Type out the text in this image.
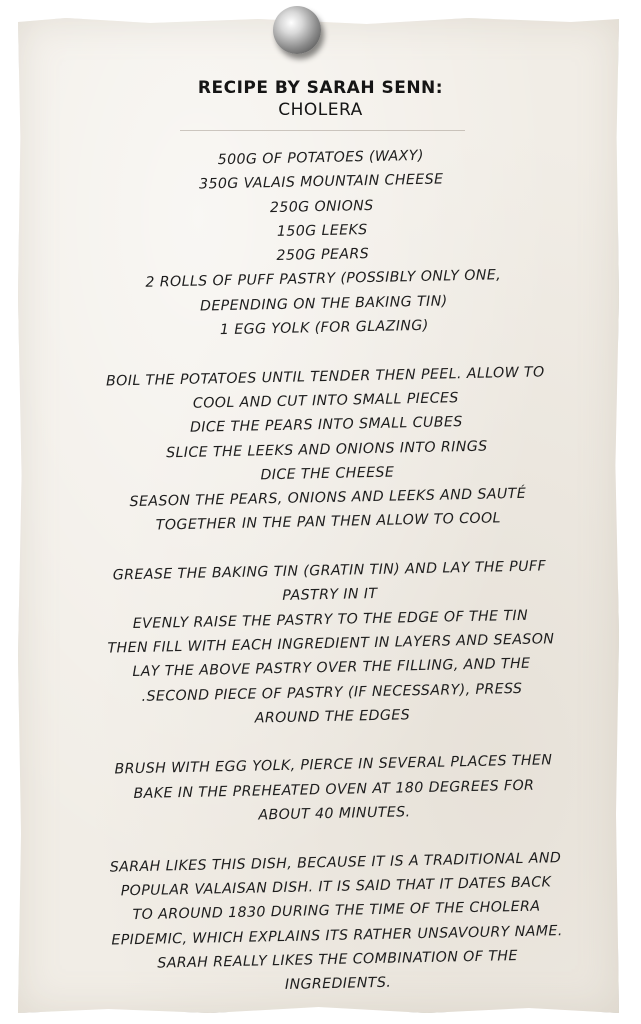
RECIPE BY SARAH SENN:
CHOLERA
500G OF POTATOES (WAXY)
350G VALAIS MOUNTAIN CHEESE
250G ONIONS
150G LEEKS
250G PEARS
2 ROLLS OF PUFF PASTRY (POSSIBLY ONLY ONE,
DEPENDING ON THE BAKING TIN)
1 EGG YOLK (FOR GLAZING)
BOIL THE POTATOES UNTIL TENDER THEN PEEL. ALLOW TO
COOL AND CUT INTO SMALL PIECES
DICE THE PEARS INTO SMALL CUBES
SLICE THE LEEKS AND ONIONS INTO RINGS
DICE THE CHEESE
SEASON THE PEARS, ONIONS AND LEEKS AND SAUTÉ
TOGETHER IN THE PAN THEN ALLOW TO COOL
GREASE THE BAKING TIN (GRATIN TIN) AND LAY THE PUFF
PASTRY IN IT
EVENLY RAISE THE PASTRY TO THE EDGE OF THE TIN
THEN FILL WITH EACH INGREDIENT IN LAYERS AND SEASON
LAY THE ABOVE PASTRY OVER THE FILLING, AND THE
.SECOND PIECE OF PASTRY (IF NECESSARY), PRESS
AROUND THE EDGES
BRUSH WITH EGG YOLK, PIERCE IN SEVERAL PLACES THEN
BAKE IN THE PREHEATED OVEN AT 180 DEGREES FOR
ABOUT 40 MINUTES.
SARAH LIKES THIS DISH, BECAUSE IT IS A TRADITIONAL AND
POPULAR VALAISAN DISH. IT IS SAID THAT IT DATES BACK
TO AROUND 1830 DURING THE TIME OF THE CHOLERA
EPIDEMIC, WHICH EXPLAINS ITS RATHER UNSAVOURY NAME.
SARAH REALLY LIKES THE COMBINATION OF THE
INGREDIENTS.
